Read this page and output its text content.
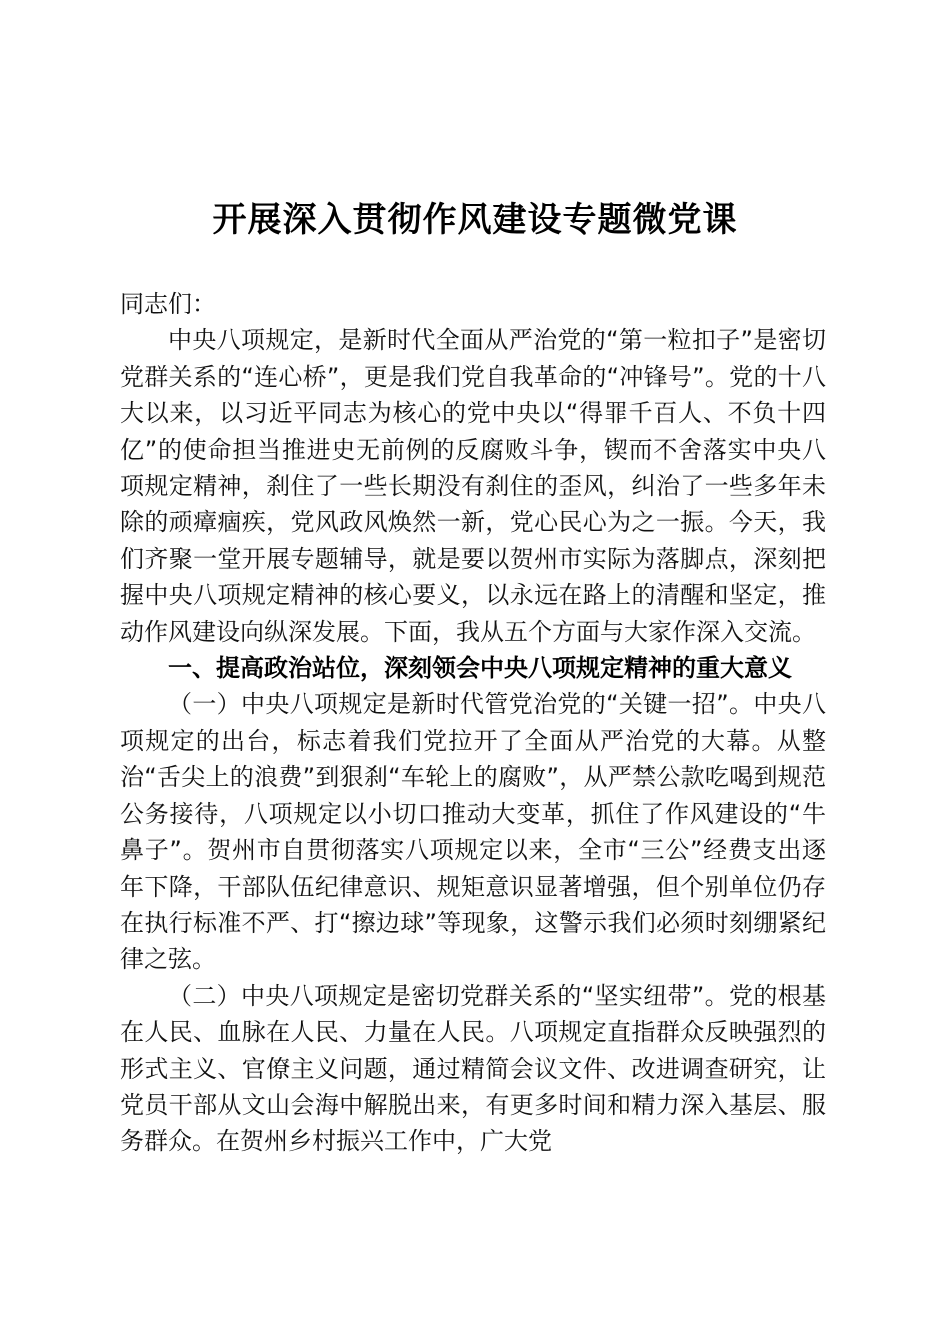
开展深入贯彻作风建设专题微党课

同志们：

中央八项规定，是新时代全面从严治党的“第一粒扣子”是密切党群关系的“连心桥”，更是我们党自我革命的“冲锋号”。党的十八大以来，以习近平同志为核心的党中央以“得罪千百人、不负十四亿”的使命担当推进史无前例的反腐败斗争，锲而不舍落实中央八项规定精神，刹住了一些长期没有刹住的歪风，纠治了一些多年未除的顽瘴痼疾，党风政风焕然一新，党心民心为之一振。今天，我们齐聚一堂开展专题辅导，就是要以贺州市实际为落脚点，深刻把握中央八项规定精神的核心要义，以永远在路上的清醒和坚定，推动作风建设向纵深发展。下面，我从五个方面与大家作深入交流。

一、提高政治站位，深刻领会中央八项规定精神的重大意义

（一）中央八项规定是新时代管党治党的“关键一招”。中央八项规定的出台，标志着我们党拉开了全面从严治党的大幕。从整治“舌尖上的浪费”到狠刹“车轮上的腐败”，从严禁公款吃喝到规范公务接待，八项规定以小切口推动大变革，抓住了作风建设的“牛鼻子”。贺州市自贯彻落实八项规定以来，全市“三公”经费支出逐年下降，干部队伍纪律意识、规矩意识显著增强，但个别单位仍存在执行标准不严、打“擦边球”等现象，这警示我们必须时刻绷紧纪律之弦。

（二）中央八项规定是密切党群关系的“坚实纽带”。党的根基在人民、血脉在人民、力量在人民。八项规定直指群众反映强烈的形式主义、官僚主义问题，通过精简会议文件、改进调查研究，让党员干部从文山会海中解脱出来，有更多时间和精力深入基层、服务群众。在贺州乡村振兴工作中，广大党
